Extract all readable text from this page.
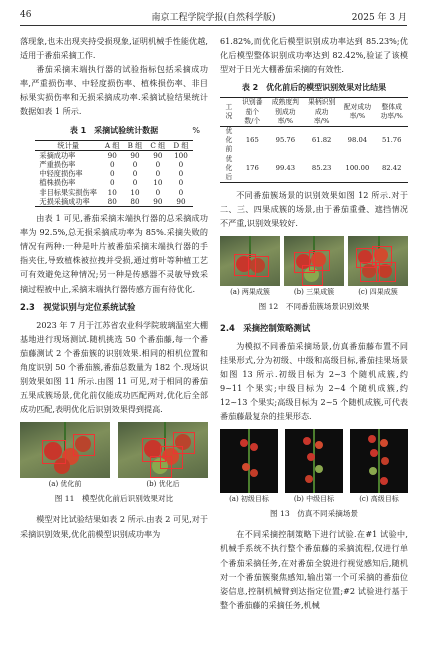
46	南京工程学院学报(自然科学版)	2025 年 3 月

落现象,也未出现夹持受损现象,证明机械手性能优越,适用于番茄采摘工作.

番茄采摘末端执行器的试验指标包括采摘成功率,严重损伤率、中轻度损伤率、植株损伤率、非目标果实损伤率和无损采摘成功率.采摘试验结果统计数据如表 1 所示.

表 1　采摘试验统计数据	%
统计量	A 组	B 组	C 组	D 组
采摘成功率	90	90	90	100
严重损伤率	0	0	0	0
中轻度损伤率	0	0	0	0
植株损伤率	0	0	10	0
非目标果实损伤率	10	10	0	0
无损采摘成功率	80	80	90	90

由表 1 可见,番茄采摘末端执行器的总采摘成功率为 92.5%,总无损采摘成功率为 85%.采摘失败的情况有两种:一种是叶片被番茄采摘末端执行器的手指夹住,导致植株被拉拽并受损,通过剪叶等种植工艺可有效避免这种情况;另一种是传感器不灵敏导致采摘过程被中止,采摘末端执行器传感方面有待优化.

2.3　视觉识别与定位系统试验

2023 年 7 月于江苏省农业科学院玻璃温室大棚基地进行现场测试.随机挑选 50 个番茄藤,每一个番茄藤测试 2 个番茄簇的识别效果.相同的相机位置和角度识别 50 个番茄簇,番茄总数量为 182 个.现场识别效果如图 11 所示.由图 11 可见,对于相同的番茄五果成簇场景,优化前仅能成功匹配两对,优化后全部成功匹配,表明优化后识别效果得到提高.

(a) 优化前	(b) 优化后
图 11　模型优化前后识别效果对比

模型对比试验结果如表 2 所示.由表 2 可见,对于采摘识别效果,优化前模型识别成功率为

61.82%,而优化后模型识别成功率达到 85.23%;优化后模型整体识别成功率达到 82.42%,验证了该模型对于日光大棚番茄采摘的有效性.

表 2　优化前后的模型识别效果对比结果
工况	识别番茄个数/个	成熟度判别成功率/%	果柄识别成功率/%	配对成功率/%	整体成功率/%
优化前	165	95.76	61.82	98.04	51.76
优化后	176	99.43	85.23	100.00	82.42

不同番茄簇场景的识别效果如图 12 所示.对于二、三、四果成簇的场景,由于番茄重叠、遮挡情况不严重,识别效果较好.

(a) 两果成簇	(b) 三果成簇	(c) 四果成簇
图 12　不同番茄簇场景识别效果
2.4　采摘控制策略测试

为模拟不同番茄采摘场景,仿真番茄藤布置不同挂果形式,分为初级、中级和高级目标,番茄挂果场景如图 13 所示.初级目标为 2~3 个随机成簇,约 9~11 个果实;中级目标为 2~4 个随机成簇,约 12~13 个果实;高级目标为 2~5 个随机成簇,可代表番茄藤最复杂的挂果形态.

(a) 初级目标	(b) 中级目标	(c) 高级目标
图 13　仿真不同采摘场景

在不同采摘控制策略下进行试验.在#1 试验中,机械手系统不执行整个番茄藤的采摘流程,仅进行单个番茄采摘任务,在对番茄全貌进行视觉感知后,随机对一个番茄簇聚焦感知,输出第一个可采摘的番茄位姿信息,控制机械臂到达指定位置;#2 试验进行基于整个番茄藤的采摘任务,机械
